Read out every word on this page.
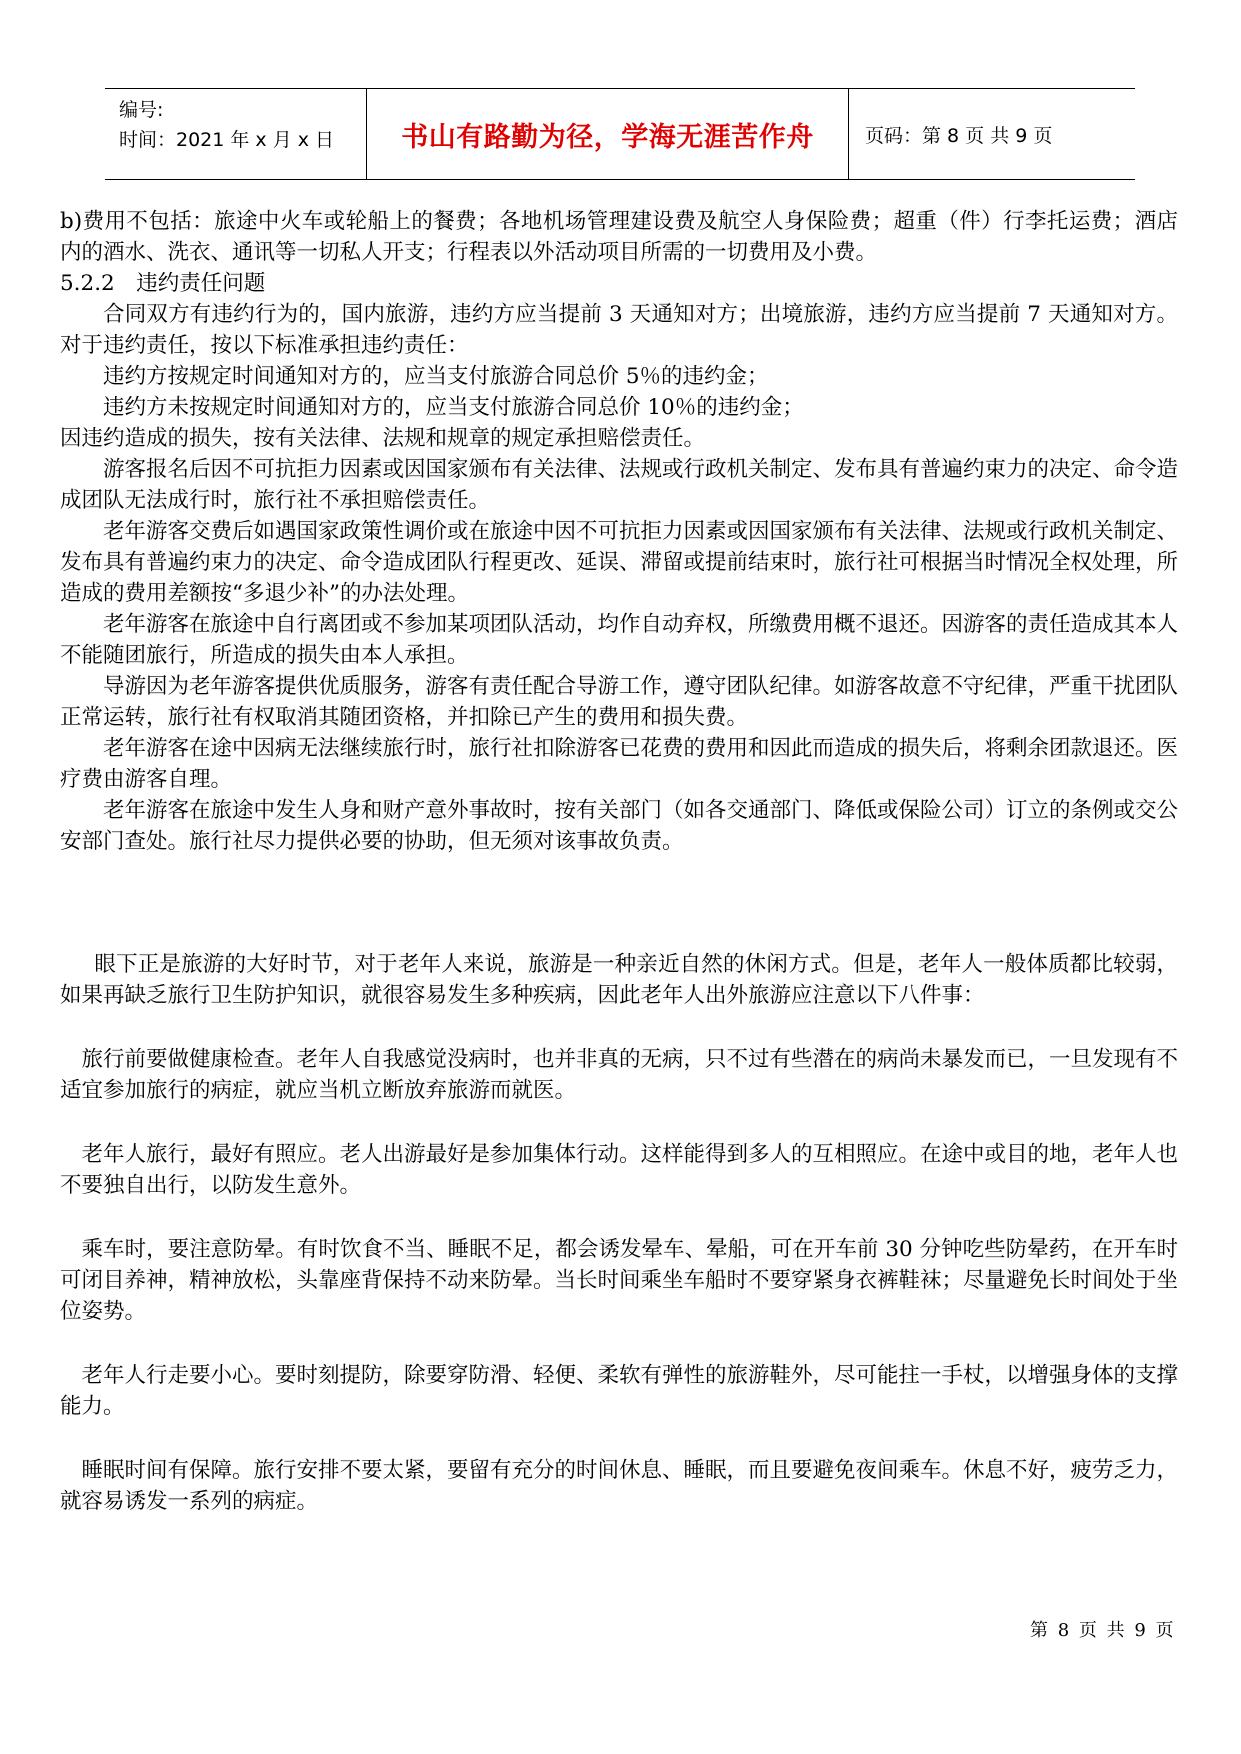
编号:
时间：2021 年 x 月 x 日	书山有路勤为径，学海无涯苦作舟	页码：第 8 页 共 9 页

b)费用不包括：旅途中火车或轮船上的餐费；各地机场管理建设费及航空人身保险费；超重（件）行李托运费；酒店内的酒水、洗衣、通讯等一切私人开支；行程表以外活动项目所需的一切费用及小费。

5.2.2　违约责任问题

合同双方有违约行为的，国内旅游，违约方应当提前 3 天通知对方；出境旅游，违约方应当提前 7 天通知对方。对于违约责任，按以下标准承担违约责任：

违约方按规定时间通知对方的，应当支付旅游合同总价 5％的违约金；

违约方未按规定时间通知对方的，应当支付旅游合同总价 10％的违约金；

因违约造成的损失，按有关法律、法规和规章的规定承担赔偿责任。

游客报名后因不可抗拒力因素或因国家颁布有关法律、法规或行政机关制定、发布具有普遍约束力的决定、命令造成团队无法成行时，旅行社不承担赔偿责任。

老年游客交费后如遇国家政策性调价或在旅途中因不可抗拒力因素或因国家颁布有关法律、法规或行政机关制定、发布具有普遍约束力的决定、命令造成团队行程更改、延误、滞留或提前结束时，旅行社可根据当时情况全权处理，所造成的费用差额按“多退少补”的办法处理。

老年游客在旅途中自行离团或不参加某项团队活动，均作自动弃权，所缴费用概不退还。因游客的责任造成其本人不能随团旅行，所造成的损失由本人承担。

导游因为老年游客提供优质服务，游客有责任配合导游工作，遵守团队纪律。如游客故意不守纪律，严重干扰团队正常运转，旅行社有权取消其随团资格，并扣除已产生的费用和损失费。

老年游客在途中因病无法继续旅行时，旅行社扣除游客已花费的费用和因此而造成的损失后，将剩余团款退还。医疗费由游客自理。

老年游客在旅途中发生人身和财产意外事故时，按有关部门（如各交通部门、降低或保险公司）订立的条例或交公安部门查处。旅行社尽力提供必要的协助，但无须对该事故负责。

眼下正是旅游的大好时节，对于老年人来说，旅游是一种亲近自然的休闲方式。但是，老年人一般体质都比较弱，如果再缺乏旅行卫生防护知识，就很容易发生多种疾病，因此老年人出外旅游应注意以下八件事：

旅行前要做健康检查。老年人自我感觉没病时，也并非真的无病，只不过有些潜在的病尚未暴发而已，一旦发现有不适宜参加旅行的病症，就应当机立断放弃旅游而就医。

老年人旅行，最好有照应。老人出游最好是参加集体行动。这样能得到多人的互相照应。在途中或目的地，老年人也不要独自出行，以防发生意外。

乘车时，要注意防晕。有时饮食不当、睡眠不足，都会诱发晕车、晕船，可在开车前 30 分钟吃些防晕药，在开车时可闭目养神，精神放松，头靠座背保持不动来防晕。当长时间乘坐车船时不要穿紧身衣裤鞋袜；尽量避免长时间处于坐位姿势。

老年人行走要小心。要时刻提防，除要穿防滑、轻便、柔软有弹性的旅游鞋外，尽可能拄一手杖，以增强身体的支撑能力。

睡眠时间有保障。旅行安排不要太紧，要留有充分的时间休息、睡眠，而且要避免夜间乘车。休息不好，疲劳乏力，就容易诱发一系列的病症。

第 8 页 共 9 页
